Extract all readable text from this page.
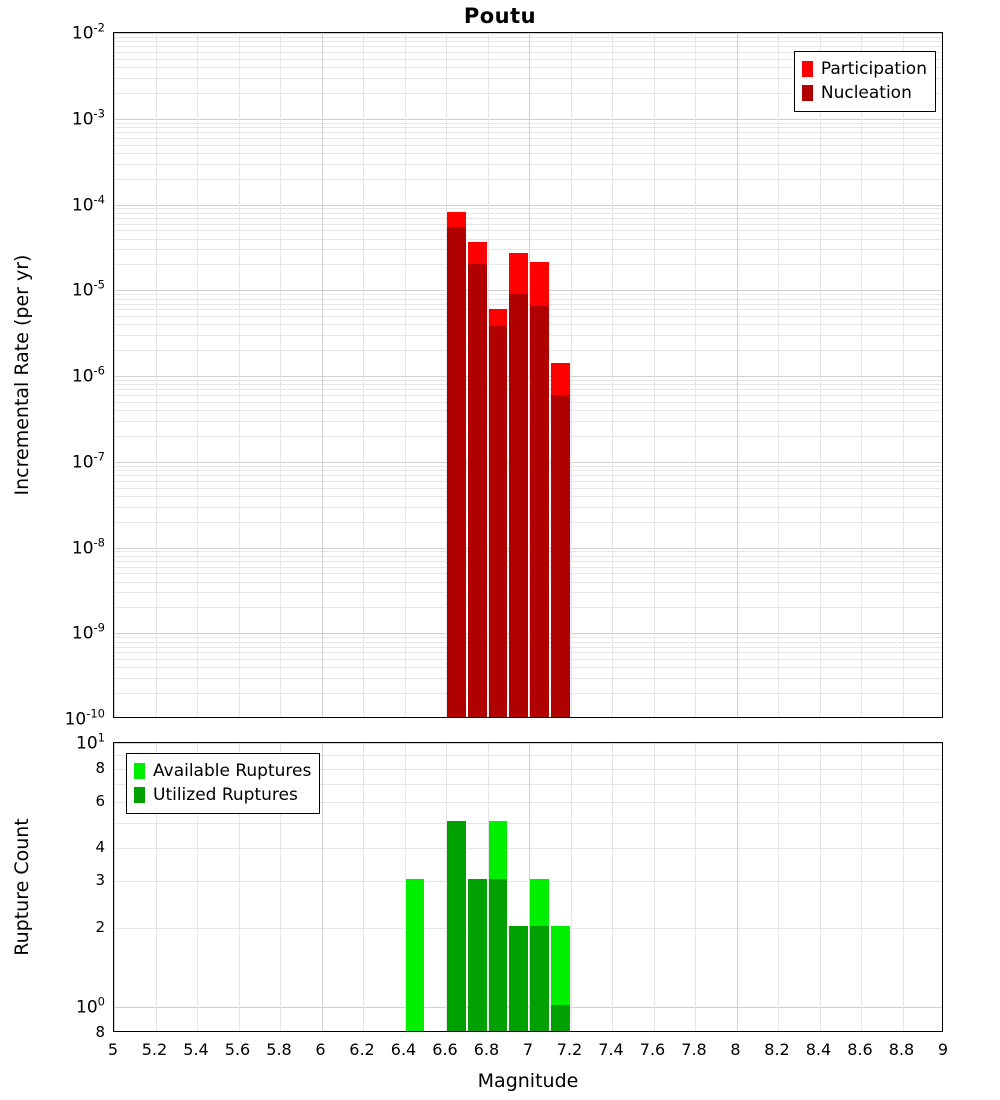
Poutu
Participation
Nucleation
Available Ruptures
Utilized Ruptures
$10^{-10}$
$10^{-9}$
$10^{-8}$
$10^{-7}$
$10^{-6}$
$10^{-5}$
$10^{-4}$
$10^{-3}$
$10^{-2}$
8
$10^0$
2
3
4
6
8
$10^1$
5 5.2 5.4 5.6 5.8 6 6.2 6.4 6.6 6.8 7 7.2 7.4 7.6 7.8 8 8.2 8.4 8.6 8.8 9
Incremental Rate (per yr)
Rupture Count
Magnitude
